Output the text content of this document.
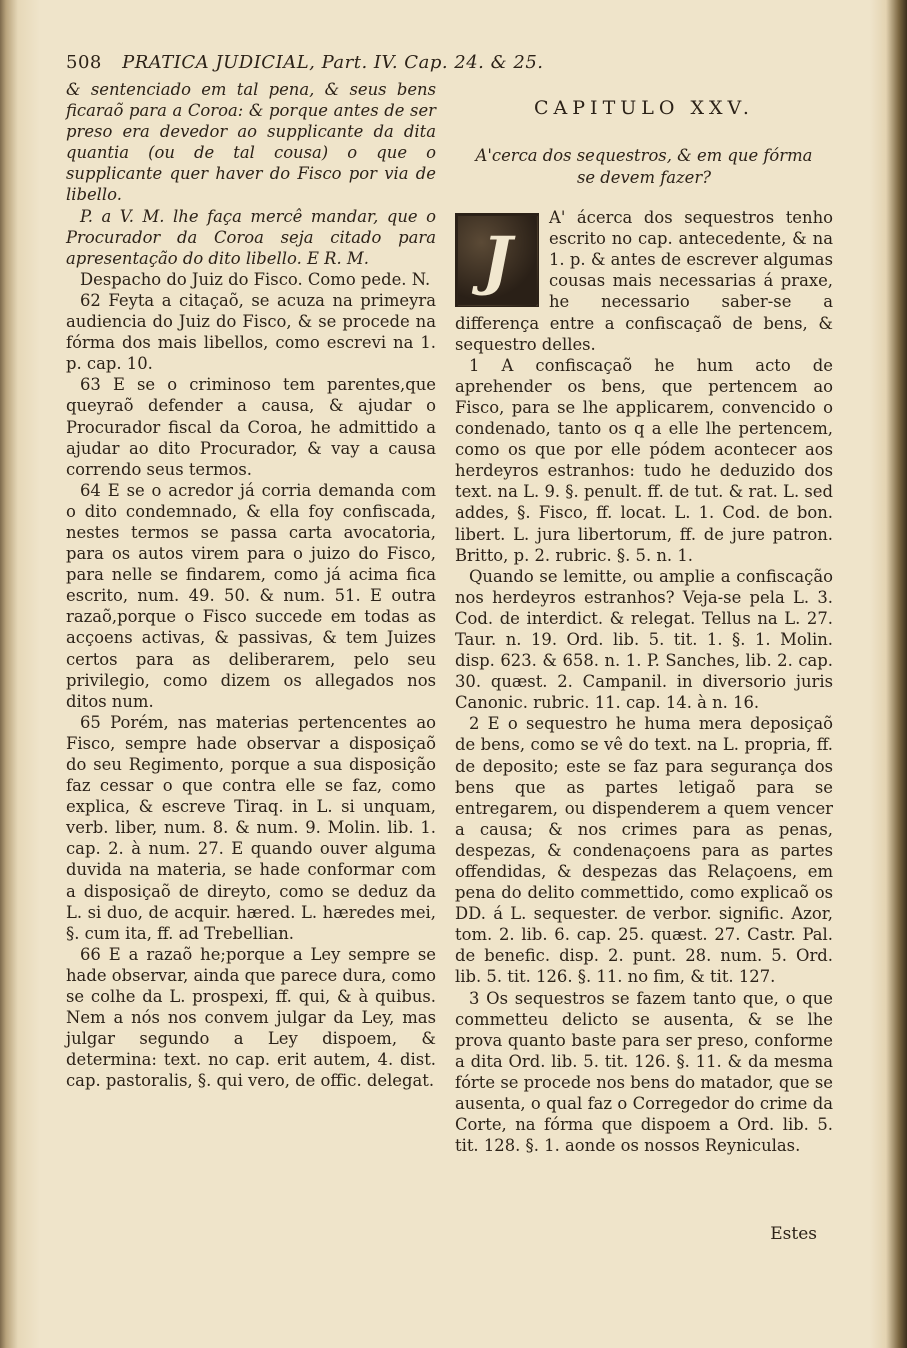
508 PRATICA JUDICIAL, Part. IV. Cap. 24. & 25.

& sentenciado em tal pena, & seus bens ficaraõ para a Coroa: & porque antes de ser preso era devedor ao supplicante da dita quantia (ou de tal cousa) o que o supplicante quer haver do Fisco por via de libello.

P. a V. M. lhe faça mercê mandar, que o Procurador da Coroa seja citado para apresentação do dito libello. E R. M.

Despacho do Juiz do Fisco. Como pede. N.

62 Feyta a citaçaõ, se acuza na primeyra audiencia do Juiz do Fisco, & se procede na fórma dos mais libellos, como escrevi na 1. p. cap. 10.

63 E se o criminoso tem parentes,que queyraõ defender a causa, & ajudar o Procurador fiscal da Coroa, he admittido a ajudar ao dito Procurador, & vay a causa correndo seus termos.

64 E se o acredor já corria demanda com o dito condemnado, & ella foy confiscada, nestes termos se passa carta avocatoria, para os autos virem para o juizo do Fisco, para nelle se findarem, como já acima fica escrito, num. 49. 50. & num. 51. E outra razaõ,porque o Fisco succede em todas as acçoens activas, & passivas, & tem Juizes certos para as deliberarem, pelo seu privilegio, como dizem os allegados nos ditos num.

65 Porém, nas materias pertencentes ao Fisco, sempre hade observar a disposiçaõ do seu Regimento, porque a sua disposição faz cessar o que contra elle se faz, como explica, & escreve Tiraq. in L. si unquam, verb. liber, num. 8. & num. 9. Molin. lib. 1. cap. 2. à num. 27. E quando ouver alguma duvida na materia, se hade conformar com a disposiçaõ de direyto, como se deduz da L. si duo, de acquir. hæred. L. hæredes mei, §. cum ita, ff. ad Trebellian.

66 E a razaõ he;porque a Ley sempre se hade observar, ainda que parece dura, como se colhe da L. prospexi, ff. qui, & à quibus. Nem a nós nos convem julgar da Ley, mas julgar segundo a Ley dispoem, & determina: text. no cap. erit autem, 4. dist. cap. pastoralis, §. qui vero, de offic. delegat.

CAPITULO XXV.
A'cerca dos sequestros, & em que fórma
se devem fazer?

J
A' ácerca dos sequestros tenho escrito no cap. antecedente, & na 1. p. & antes de escrever algumas cousas mais necessarias á praxe, he necessario saber-se a differença entre a confiscaçaõ de bens, & sequestro delles.

1 A confiscaçaõ he hum acto de aprehender os bens, que pertencem ao Fisco, para se lhe applicarem, convencido o condenado, tanto os q a elle lhe pertencem, como os que por elle pódem acontecer aos herdeyros estranhos: tudo he deduzido dos text. na L. 9. §. penult. ff. de tut. & rat. L. sed addes, §. Fisco, ff. locat. L. 1. Cod. de bon. libert. L. jura libertorum, ff. de jure patron. Britto, p. 2. rubric. §. 5. n. 1.

Quando se lemitte, ou amplie a confiscação nos herdeyros estranhos? Veja-se pela L. 3. Cod. de interdict. & relegat. Tellus na L. 27. Taur. n. 19. Ord. lib. 5. tit. 1. §. 1. Molin. disp. 623. & 658. n. 1. P. Sanches, lib. 2. cap. 30. quæst. 2. Campanil. in diversorio juris Canonic. rubric. 11. cap. 14. à n. 16.

2 E o sequestro he huma mera deposiçaõ de bens, como se vê do text. na L. propria, ff. de deposito; este se faz para segurança dos bens que as partes letigaõ para se entregarem, ou dispenderem a quem vencer a causa; & nos crimes para as penas, despezas, & condenaçoens para as partes offendidas, & despezas das Relaçoens, em pena do delito commettido, como explicaõ os DD. á L. sequester. de verbor. signific. Azor, tom. 2. lib. 6. cap. 25. quæst. 27. Castr. Pal. de benefic. disp. 2. punt. 28. num. 5. Ord. lib. 5. tit. 126. §. 11. no fim, & tit. 127.

3 Os sequestros se fazem tanto que, o que commetteu delicto se ausenta, & se lhe prova quanto baste para ser preso, conforme a dita Ord. lib. 5. tit. 126. §. 11. & da mesma fórte se procede nos bens do matador, que se ausenta, o qual faz o Corregedor do crime da Corte, na fórma que dispoem a Ord. lib. 5. tit. 128. §. 1. aonde os nossos Reyniculas.

Estes
